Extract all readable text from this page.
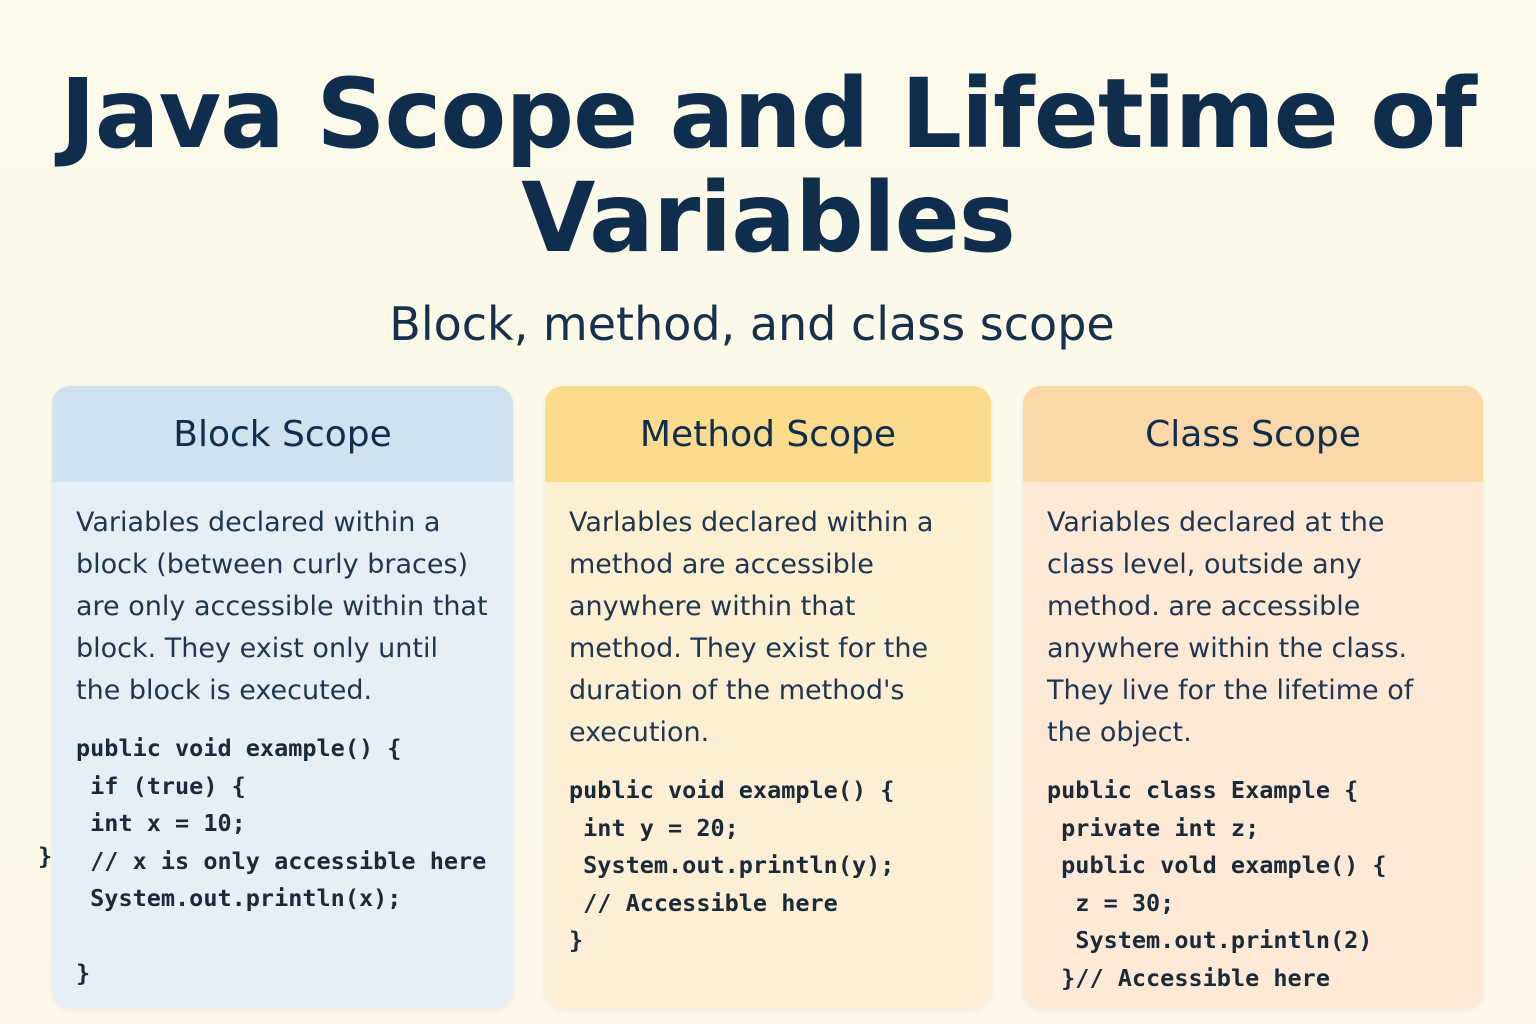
Java Scope and Lifetime of
Variables
Block, method, and class scope
Block Scope

Variables declared within a block (between curly braces) are only accessible within that block. They exist only until the block is executed.

public void example() {
if (true) {
int x = 10;
// x is only accessible here
System.out.println(x);

}
}
Method Scope

Varlables declared within a method are accessible anywhere within that method. They exist for the duration of the method's execution.

public void example() {
int y = 20;
System.out.println(y);
// Accessible here
}
Class Scope

Variables declared at the class level, outside any method. are accessible anywhere within the class. They live for the lifetime of the object.

public class Example {
private int z;
public vold example() {
z = 30;
System.out.println(2)
}// Accessible here
